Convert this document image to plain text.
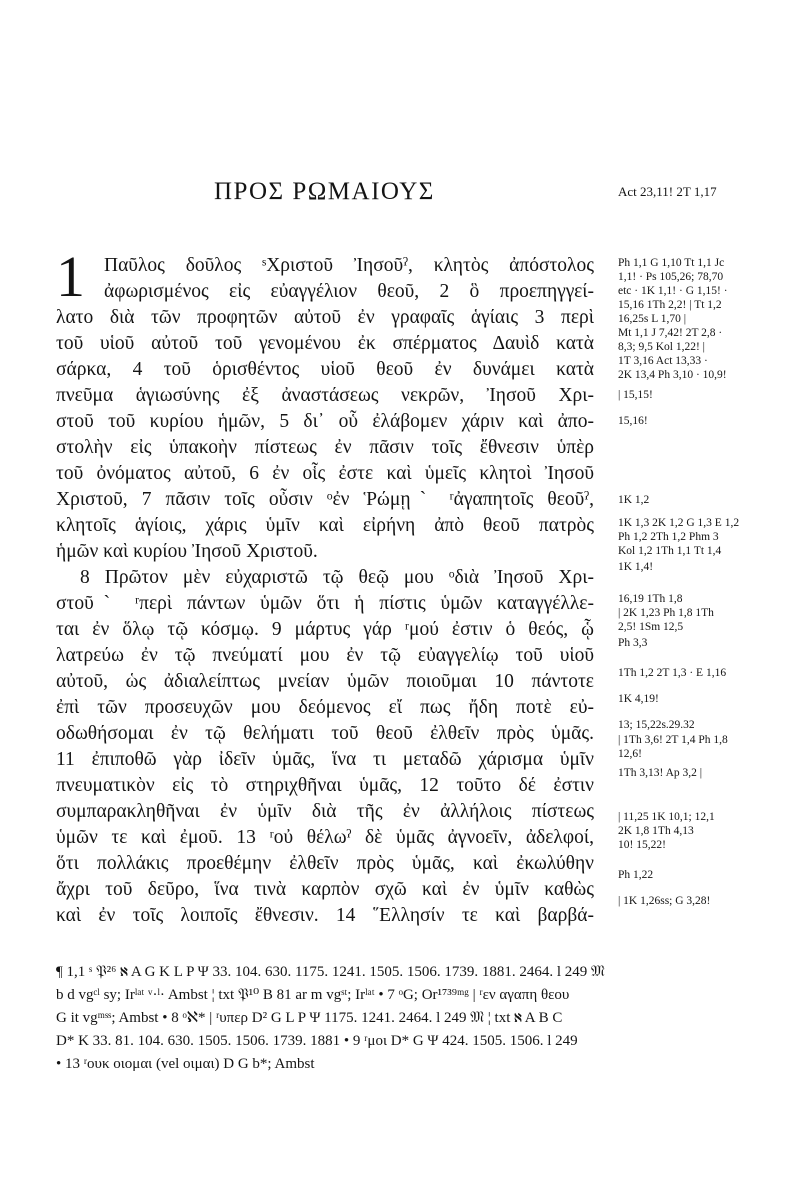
ΠΡΟΣ ΡΩΜΑΙΟΥΣ	Act 23,11! 2T 1,17
1 Παῦλος δοῦλος ˢΧριστοῦ Ἰησοῦˀ, κλητὸς ἀπόστολος
ἀφωρισμένος εἰς εὐαγγέλιον θεοῦ, 2 ὃ προεπηγγεί-
λατο διὰ τῶν προφητῶν αὐτοῦ ἐν γραφαῖς ἁγίαις 3 περὶ
τοῦ υἱοῦ αὐτοῦ τοῦ γενομένου ἐκ σπέρματος Δαυὶδ κατὰ
σάρκα, 4 τοῦ ὁρισθέντος υἱοῦ θεοῦ ἐν δυνάμει κατὰ
πνεῦμα ἁγιωσύνης ἐξ ἀναστάσεως νεκρῶν, Ἰησοῦ Χρι-
στοῦ τοῦ κυρίου ἡμῶν, 5 δι᾽ οὗ ἐλάβομεν χάριν καὶ ἀπο-
στολὴν εἰς ὑπακοὴν πίστεως ἐν πᾶσιν τοῖς ἔθνεσιν ὑπὲρ
τοῦ ὀνόματος αὐτοῦ, 6 ἐν οἷς ἐστε καὶ ὑμεῖς κλητοὶ Ἰησοῦ
Χριστοῦ, 7 πᾶσιν τοῖς οὖσιν ᵒἐν Ῥώμῃˋ ʳἀγαπητοῖς θεοῦˀ,
κλητοῖς ἁγίοις, χάρις ὑμῖν καὶ εἰρήνη ἀπὸ θεοῦ πατρὸς
ἡμῶν καὶ κυρίου Ἰησοῦ Χριστοῦ.
8 Πρῶτον μὲν εὐχαριστῶ τῷ θεῷ μου ᵒδιὰ Ἰησοῦ Χρι-
στοῦˋ ʳπερὶ πάντων ὑμῶν ὅτι ἡ πίστις ὑμῶν καταγγέλλε-
ται ἐν ὅλῳ τῷ κόσμῳ. 9 μάρτυς γάρ ʳμού ἐστιν ὁ θεός, ᾧ
λατρεύω ἐν τῷ πνεύματί μου ἐν τῷ εὐαγγελίῳ τοῦ υἱοῦ
αὐτοῦ, ὡς ἀδιαλείπτως μνείαν ὑμῶν ποιοῦμαι 10 πάντοτε
ἐπὶ τῶν προσευχῶν μου δεόμενος εἴ πως ἤδη ποτὲ εὐ-
οδωθήσομαι ἐν τῷ θελήματι τοῦ θεοῦ ἐλθεῖν πρὸς ὑμᾶς.
11 ἐπιποθῶ γὰρ ἰδεῖν ὑμᾶς, ἵνα τι μεταδῶ χάρισμα ὑμῖν
πνευματικὸν εἰς τὸ στηριχθῆναι ὑμᾶς, 12 τοῦτο δέ ἐστιν
συμπαρακληθῆναι ἐν ὑμῖν διὰ τῆς ἐν ἀλλήλοις πίστεως
ὑμῶν τε καὶ ἐμοῦ. 13 ʳοὐ θέλωˀ δὲ ὑμᾶς ἀγνοεῖν, ἀδελφοί,
ὅτι πολλάκις προεθέμην ἐλθεῖν πρὸς ὑμᾶς, καὶ ἐκωλύθην
ἄχρι τοῦ δεῦρο, ἵνα τινὰ καρπὸν σχῶ καὶ ἐν ὑμῖν καθὼς
καὶ ἐν τοῖς λοιποῖς ἔθνεσιν. 14 ῞Ελλησίν τε καὶ βαρβά-
Ph 1,1 G 1,10 Tt 1,1 Jc
1,1! · Ps 105,26; 78,70
etc · 1K 1,1! · G 1,15! ·
15,16 1Th 2,2! | Tt 1,2
16,25s L 1,70 |
Mt 1,1 J 7,42! 2T 2,8 ·
8,3; 9,5 Kol 1,22! |
1T 3,16 Act 13,33 ·
2K 13,4 Ph 3,10 · 10,9!
| 15,15!
15,16!
1K 1,2
1K 1,3 2K 1,2 G 1,3 E 1,2
Ph 1,2 2Th 1,2 Phm 3
Kol 1,2 1Th 1,1 Tt 1,4
1K 1,4!
16,19 1Th 1,8
| 2K 1,23 Ph 1,8 1Th
2,5! 1Sm 12,5
Ph 3,3
1Th 1,2 2T 1,3 · E 1,16
1K 4,19!
13; 15,22s.29.32
| 1Th 3,6! 2T 1,4 Ph 1,8
12,6!
1Th 3,13! Ap 3,2 |
| 11,25 1K 10,1; 12,1
2K 1,8 1Th 4,13
10! 15,22!
Ph 1,22
| 1K 1,26ss; G 3,28!
¶ 1,1 ˢ 𝔓²⁶ ℵ A G K L P Ψ 33. 104. 630. 1175. 1241. 1505. 1506. 1739. 1881. 2464. l 249 𝔐
b d vgᶜˡ sy; Irˡᵃᵗ ᵛ·ˡ· Ambst ¦ txt 𝔓¹⁰ B 81 ar m vgˢᵗ; Irˡᵃᵗ • 7 ᵒG; Or¹⁷³⁹ᵐᵍ | ʳεν αγαπη θεου
G it vgᵐˢˢ; Ambst • 8 ᵒℵ* | ʳυπερ D² G L P Ψ 1175. 1241. 2464. l 249 𝔐 ¦ txt ℵ A B C
D* K 33. 81. 104. 630. 1505. 1506. 1739. 1881 • 9 ʳμοι D* G Ψ 424. 1505. 1506. l 249
• 13 ʳουκ οιομαι (vel οιμαι) D G b*; Ambst
